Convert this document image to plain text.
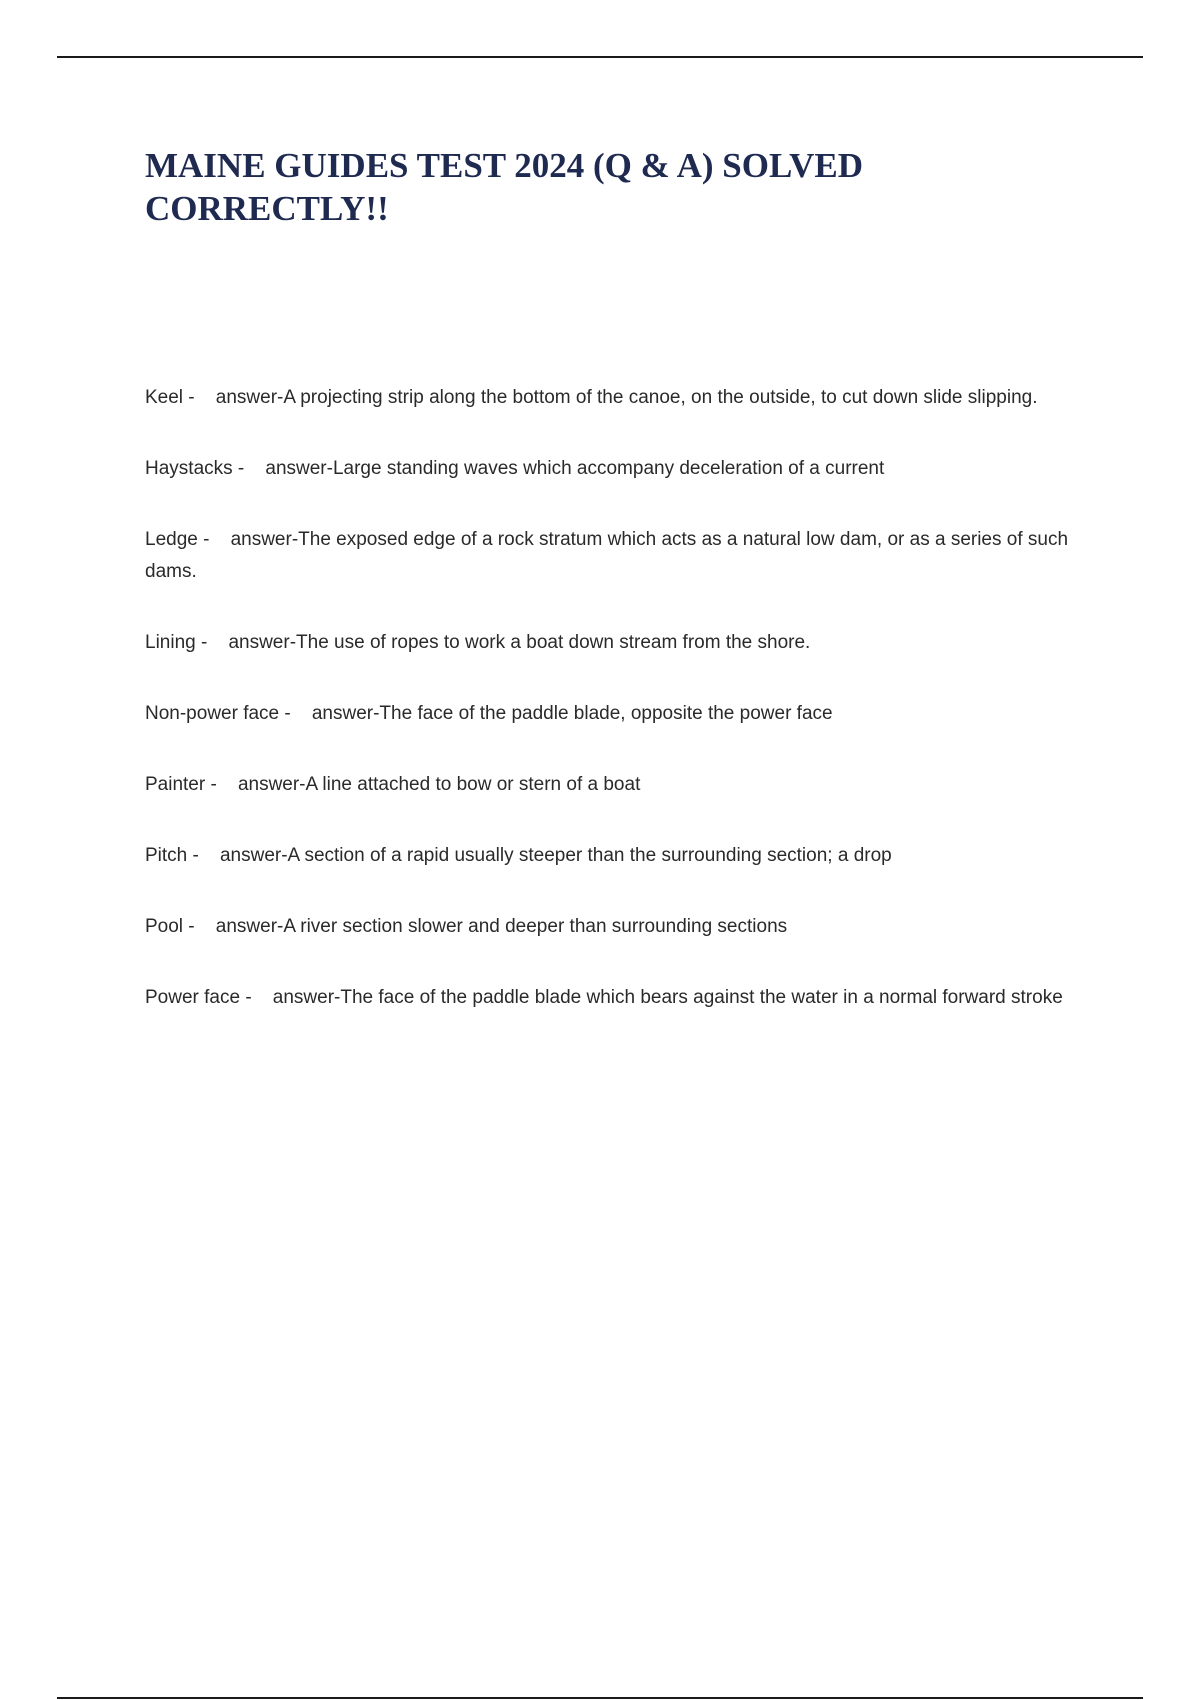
MAINE GUIDES TEST 2024 (Q & A) SOLVED CORRECTLY!!
Keel -    answer-A projecting strip along the bottom of the canoe, on the outside, to cut down slide slipping.
Haystacks -    answer-Large standing waves which accompany deceleration of a current
Ledge -    answer-The exposed edge of a rock stratum which acts as a natural low dam, or as a series of such dams.
Lining -    answer-The use of ropes to work a boat down stream from the shore.
Non-power face -    answer-The face of the paddle blade, opposite the power face
Painter -    answer-A line attached to bow or stern of a boat
Pitch -    answer-A section of a rapid usually steeper than the surrounding section; a drop
Pool -    answer-A river section slower and deeper than surrounding sections
Power face -    answer-The face of the paddle blade which bears against the water in a normal forward stroke
